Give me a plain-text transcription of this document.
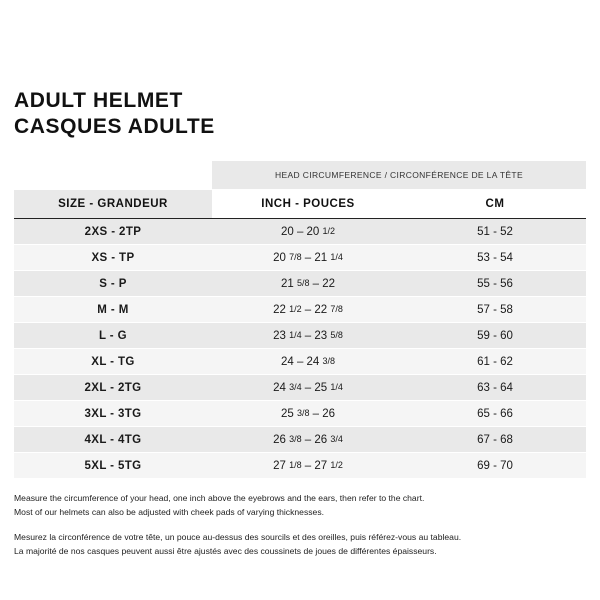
ADULT HELMET
CASQUES ADULTE
	HEAD CIRCUMFERENCE / CIRCONFÉRENCE DE LA TÊTE	
SIZE - GRANDEUR	INCH - POUCES	CM
2XS - 2TP	20 – 20 1/2	51 - 52
XS - TP	20 7/8 – 21 1/4	53 - 54
S - P	21 5/8 – 22	55 - 56
M - M	22 1/2 – 22 7/8	57 - 58
L - G	23 1/4 – 23 5/8	59 - 60
XL - TG	24 – 24 3/8	61 - 62
2XL - 2TG	24 3/4 – 25 1/4	63 - 64
3XL - 3TG	25 3/8 – 26	65 - 66
4XL - 4TG	26 3/8 – 26 3/4	67 - 68
5XL - 5TG	27 1/8 – 27 1/2	69 - 70

Measure the circumference of your head, one inch above the eyebrows and the ears, then refer to the chart.

Most of our helmets can also be adjusted with cheek pads of varying thicknesses.

Mesurez la circonférence de votre tête, un pouce au-dessus des sourcils et des oreilles, puis référez-vous au tableau.

La majorité de nos casques peuvent aussi être ajustés avec des coussinets de joues de différentes épaisseurs.
